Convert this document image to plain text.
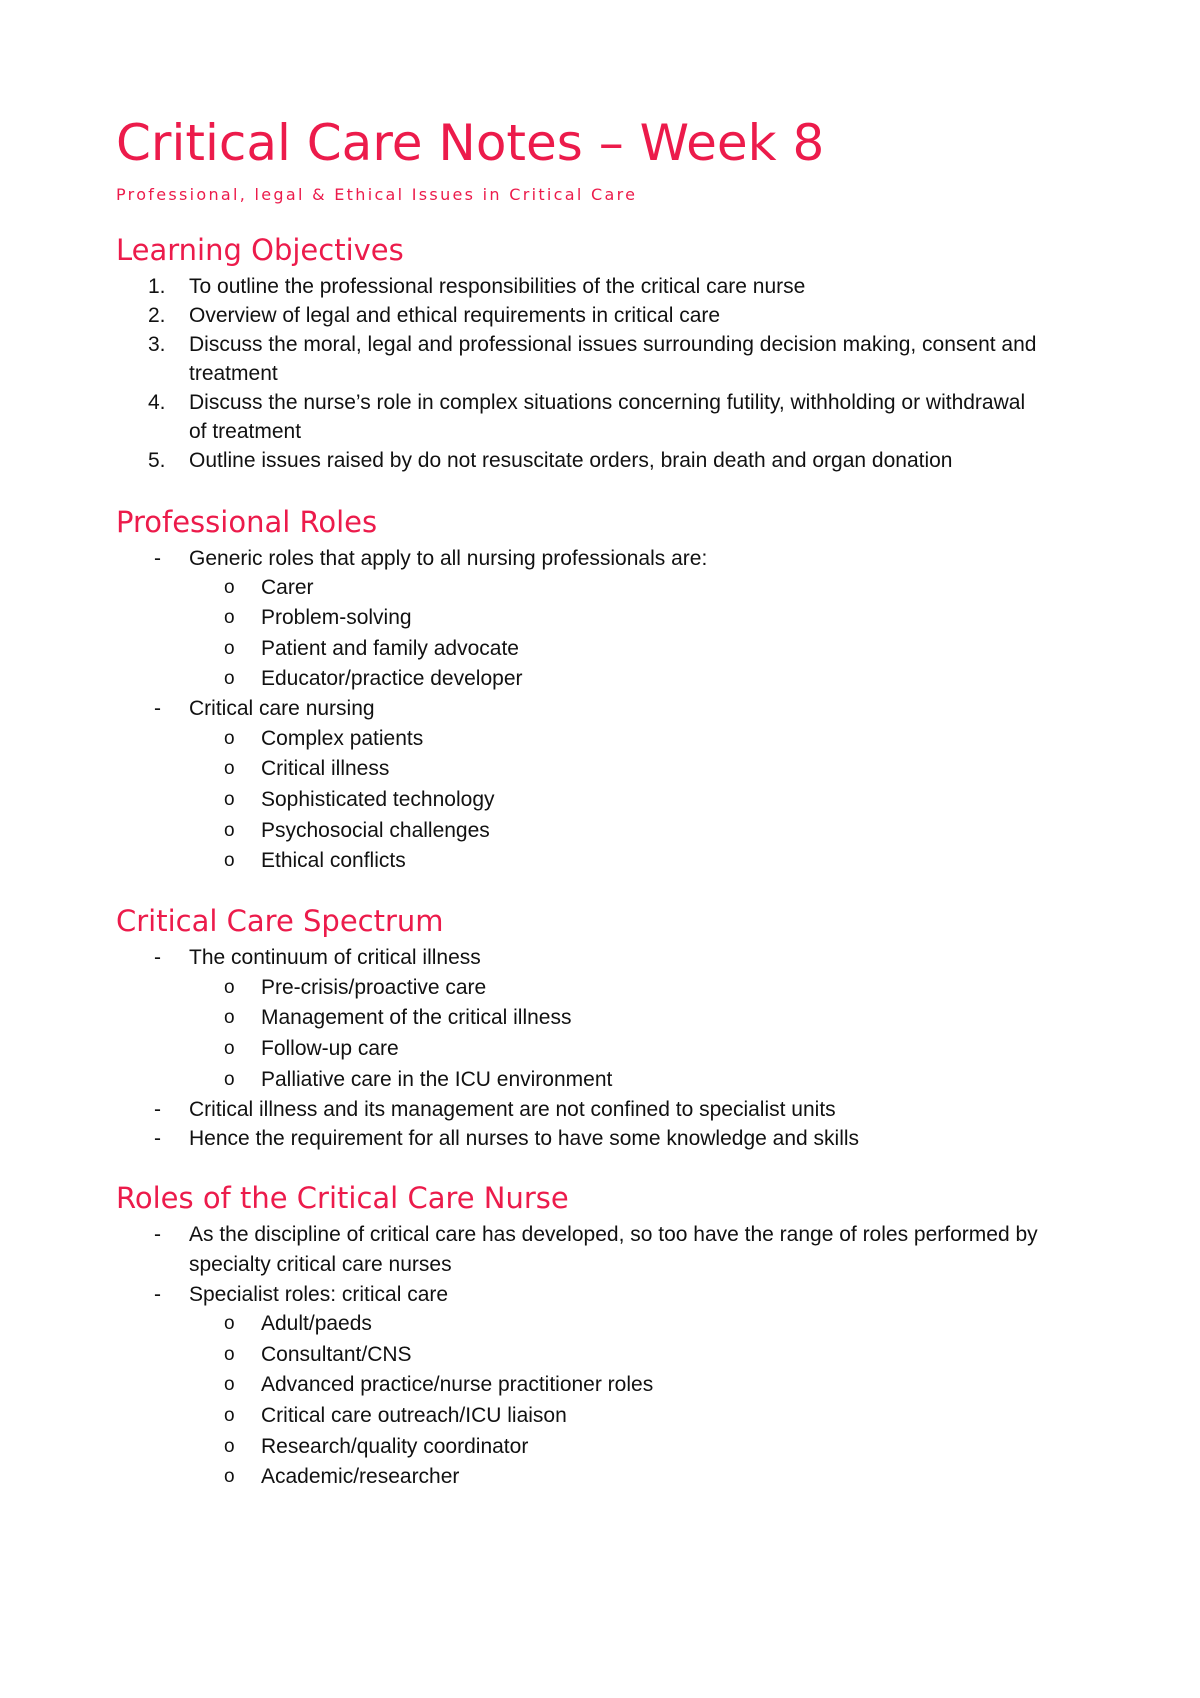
Critical Care Notes – Week 8
Professional, legal & Ethical Issues in Critical Care
Learning Objectives
1. To outline the professional responsibilities of the critical care nurse
2. Overview of legal and ethical requirements in critical care
3. Discuss the moral, legal and professional issues surrounding decision making, consent and
treatment
4. Discuss the nurse’s role in complex situations concerning futility, withholding or withdrawal
of treatment
5. Outline issues raised by do not resuscitate orders, brain death and organ donation
Professional Roles
- Generic roles that apply to all nursing professionals are:
o Carer
o Problem-solving
o Patient and family advocate
o Educator/practice developer
- Critical care nursing
o Complex patients
o Critical illness
o Sophisticated technology
o Psychosocial challenges
o Ethical conflicts
Critical Care Spectrum
- The continuum of critical illness
o Pre-crisis/proactive care
o Management of the critical illness
o Follow-up care
o Palliative care in the ICU environment
- Critical illness and its management are not confined to specialist units
- Hence the requirement for all nurses to have some knowledge and skills
Roles of the Critical Care Nurse
- As the discipline of critical care has developed, so too have the range of roles performed by
specialty critical care nurses
- Specialist roles: critical care
o Adult/paeds
o Consultant/CNS
o Advanced practice/nurse practitioner roles
o Critical care outreach/ICU liaison
o Research/quality coordinator
o Academic/researcher
